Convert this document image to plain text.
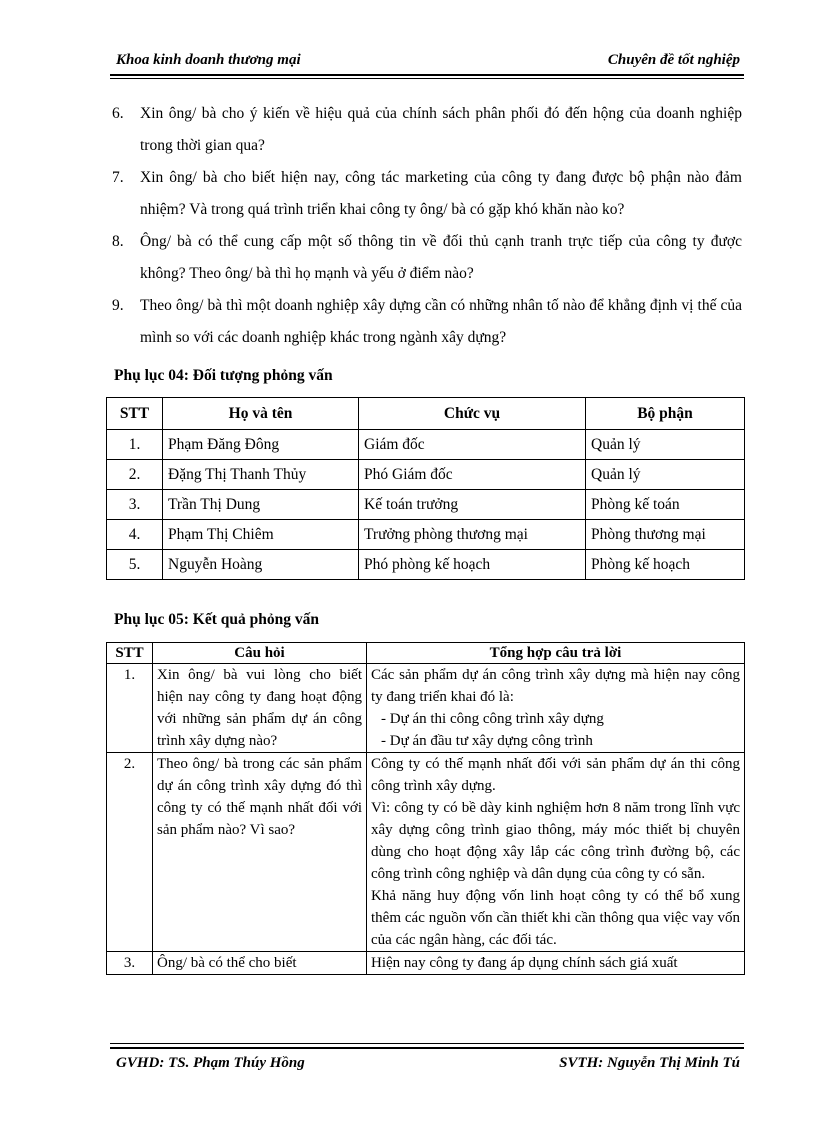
Khoa kinh doanh thương mại	Chuyên đề tốt nghiệp
6. Xin ông/ bà cho ý kiến về hiệu quả của chính sách phân phối đó đến hộng của doanh nghiệp trong thời gian qua?
7. Xin ông/ bà cho biết hiện nay, công tác marketing của công ty đang được bộ phận nào đảm nhiệm? Và trong quá trình triển khai công ty ông/ bà có gặp khó khăn nào ko?
8. Ông/ bà có thể cung cấp một số thông tin về đối thủ cạnh tranh trực tiếp của công ty được không? Theo ông/ bà thì họ mạnh và yếu ở điểm nào?
9. Theo ông/ bà thì một doanh nghiệp xây dựng cần có những nhân tố nào để khẳng định vị thế của mình so với các doanh nghiệp khác trong ngành xây dựng?
Phụ lục 04: Đối tượng phỏng vấn
STT	Họ và tên	Chức vụ	Bộ phận
1.	Phạm Đăng Đông	Giám đốc	Quản lý
2.	Đặng Thị Thanh Thủy	Phó Giám đốc	Quản lý
3.	Trần Thị Dung	Kế toán trưởng	Phòng kế toán
4.	Phạm Thị Chiêm	Trưởng phòng thương mại	Phòng thương mại
5.	Nguyễn Hoàng	Phó phòng kế hoạch	Phòng kế hoạch
Phụ lục 05: Kết quả phỏng vấn
STT	Câu hỏi	Tổng hợp câu trả lời
1.	Xin ông/ bà vui lòng cho biết hiện nay công ty đang hoạt động với những sản phẩm dự án công trình xây dựng nào?	Các sản phẩm dự án công trình xây dựng mà hiện nay công ty đang triển khai đó là:
- Dự án thi công công trình xây dựng
- Dự án đầu tư xây dựng công trình

2.	Theo ông/ bà trong các sản phẩm dự án công trình xây dựng đó thì công ty có thế mạnh nhất đối với sản phẩm nào? Vì sao?	Công ty có thế mạnh nhất đối với sản phẩm dự án thi công công trình xây dựng.
Vì: công ty có bề dày kinh nghiệm hơn 8 năm trong lĩnh vực xây dựng công trình giao thông, máy móc thiết bị chuyên dùng cho hoạt động xây lắp các công trình đường bộ, các công trình công nghiệp và dân dụng của công ty có sẵn.
Khả năng huy động vốn linh hoạt công ty có thể bổ xung thêm các nguồn vốn cần thiết khi cần thông qua việc vay vốn của các ngân hàng, các đối tác.

3.	Ông/ bà có thể cho biết	Hiện nay công ty đang áp dụng chính sách giá xuất
GVHD: TS. Phạm Thúy Hồng	SVTH: Nguyễn Thị Minh Tú
